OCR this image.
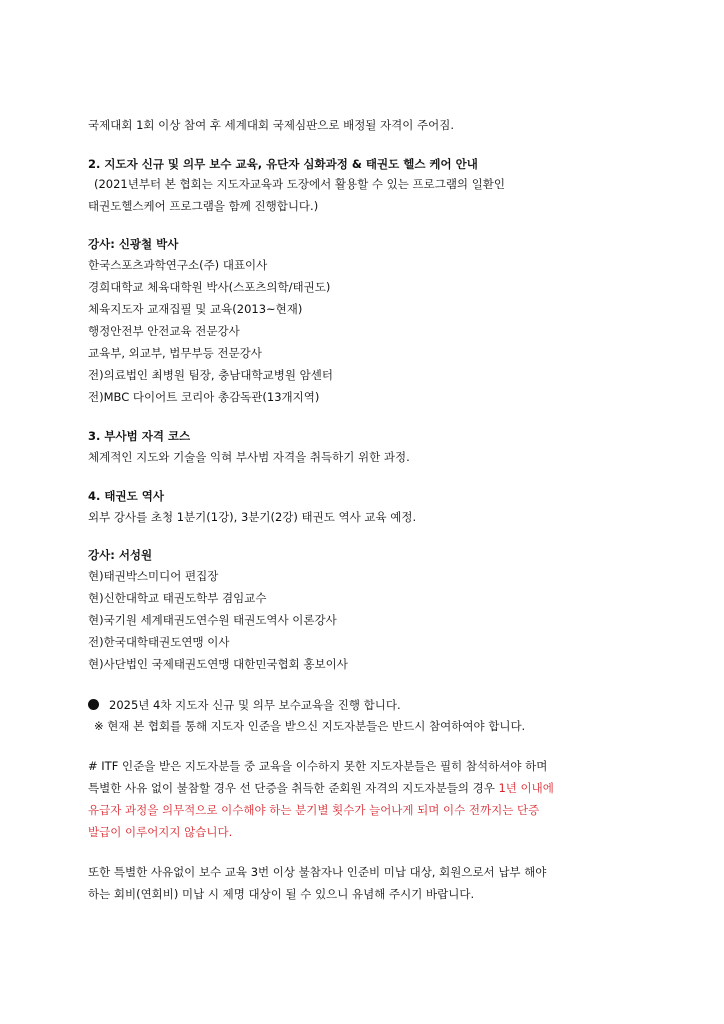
국제대회 1회 이상 참여 후 세계대회 국제심판으로 배정될 자격이 주어짐.
2. 지도자 신규 및 의무 보수 교육, 유단자 심화과정 & 태권도 헬스 케어 안내
(2021년부터 본 협회는 지도자교육과 도장에서 활용할 수 있는 프로그램의 일환인
태권도헬스케어 프로그램을 함께 진행합니다.)
강사: 신광철 박사
한국스포츠과학연구소(주) 대표이사
경희대학교 체육대학원 박사(스포츠의학/태권도)
체육지도자 교재집필 및 교육(2013~현재)
행정안전부 안전교육 전문강사
교육부, 외교부, 법무부등 전문강사
전)의료법인 최병원 팀장, 충남대학교병원 암센터
전)MBC 다이어트 코리아 총감독관(13개지역)
3. 부사범 자격 코스
체계적인 지도와 기술을 익혀 부사범 자격을 취득하기 위한 과정.
4. 태권도 역사
외부 강사를 초청 1분기(1강), 3분기(2강) 태권도 역사 교육 예정.
강사: 서성원
현)태권박스미디어 편집장
현)신한대학교 태권도학부 겸임교수
현)국기원 세계태권도연수원 태권도역사 이론강사
전)한국대학태권도연맹 이사
현)사단법인 국제태권도연맹 대한민국협회 홍보이사
2025년 4차 지도자 신규 및 의무 보수교육을 진행 합니다.
※ 현재 본 협회를 통해 지도자 인준을 받으신 지도자분들은 반드시 참여하여야 합니다.
# ITF 인준을 받은 지도자분들 중 교육을 이수하지 못한 지도자분들은 필히 참석하셔야 하며
특별한 사유 없이 불참할 경우 선 단증을 취득한 준회원 자격의 지도자분들의 경우 1년 이내에
유급자 과정을 의무적으로 이수해야 하는 분기별 횟수가 늘어나게 되며 이수 전까지는 단증
발급이 이루어지지 않습니다.
또한 특별한 사유없이 보수 교육 3번 이상 불참자나 인준비 미납 대상, 회원으로서 납부 해야
하는 회비(연회비) 미납 시 제명 대상이 될 수 있으니 유념해 주시기 바랍니다.
